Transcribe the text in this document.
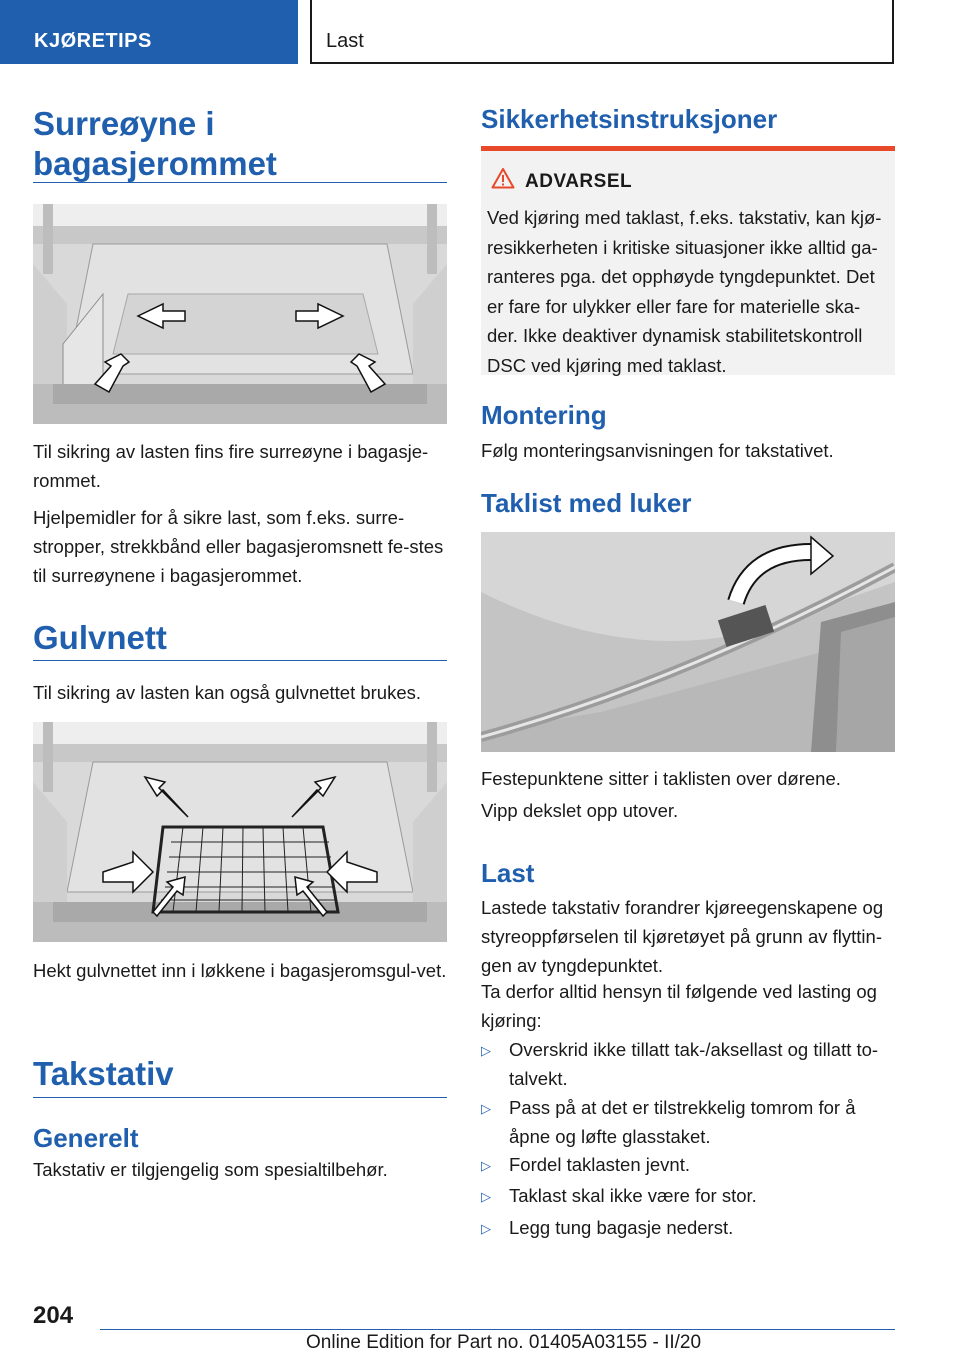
KJØRETIPS	Last
Surreøyne i
bagasjerommet

Til sikring av lasten fins fire surreøyne i bagasje-rommet.

Hjelpemidler for å sikre last, som f.eks. surre-stropper, strekkbånd eller bagasjeromsnett fe-stes til surreøynene i bagasjerommet.

Gulvnett

Til sikring av lasten kan også gulvnettet brukes.

Hekt gulvnettet inn i løkkene i bagasjeromsgul-vet.

Takstativ
Generelt

Takstativ er tilgjengelig som spesialtilbehør.

Sikkerhetsinstruksjoner
ADVARSEL
Ved kjøring med taklast, f.eks. takstativ, kan kjø-resikkerheten i kritiske situasjoner ikke alltid ga-ranteres pga. det opphøyde tyngdepunktet. Det er fare for ulykker eller fare for materielle ska-der. Ikke deaktiver dynamisk stabilitetskontroll DSC ved kjøring med taklast.
Montering

Følg monteringsanvisningen for takstativet.

Taklist med luker

Festepunktene sitter i taklisten over dørene.

Vipp dekslet opp utover.

Last

Lastede takstativ forandrer kjøreegenskapene og styreoppførselen til kjøretøyet på grunn av flyttin-gen av tyngdepunktet.

Ta derfor alltid hensyn til følgende ved lasting og kjøring:

▷ Overskrid ikke tillatt tak-/aksellast og tillatt to-talvekt.
▷ Pass på at det er tilstrekkelig tomrom for å åpne og løfte glasstaket.
▷ Fordel taklasten jevnt.
▷ Taklast skal ikke være for stor.
▷ Legg tung bagasje nederst.
204
Online Edition for Part no. 01405A03155 - II/20
